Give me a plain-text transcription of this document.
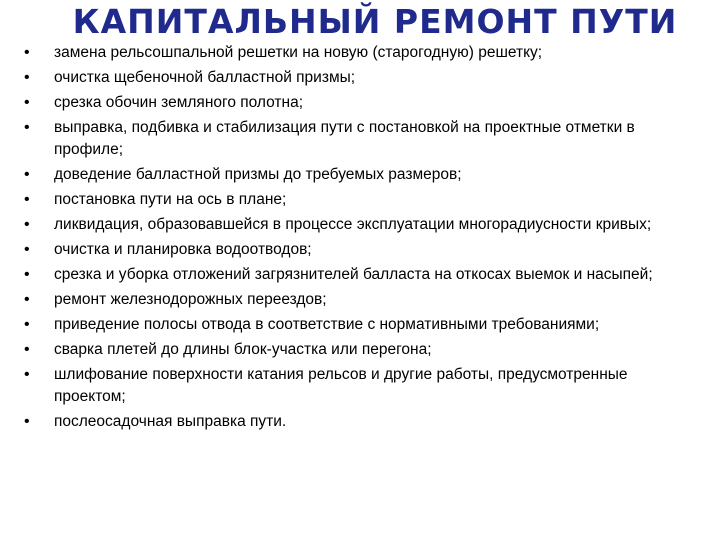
КАПИТАЛЬНЫЙ РЕМОНТ ПУТИ
• замена рельсошпальной решетки на новую (старогодную) решетку;
• очистка щебеночной балластной призмы;
• срезка обочин земляного полотна;
• выправка, подбивка и стабилизация пути с постановкой на проектные отметки в профиле;
• доведение балластной призмы до требуемых размеров;
• постановка пути на ось в плане;
• ликвидация, образовавшейся в процессе эксплуатации многорадиусности кривых;
• очистка и планировка водоотводов;
• срезка и уборка отложений загрязнителей балласта на откосах выемок и насыпей;
• ремонт железнодорожных переездов;
• приведение полосы отвода в соответствие с нормативными требованиями;
• сварка плетей до длины блок-участка или перегона;
• шлифование поверхности катания рельсов и другие работы, предусмотренные проектом;
• послеосадочная выправка пути.
